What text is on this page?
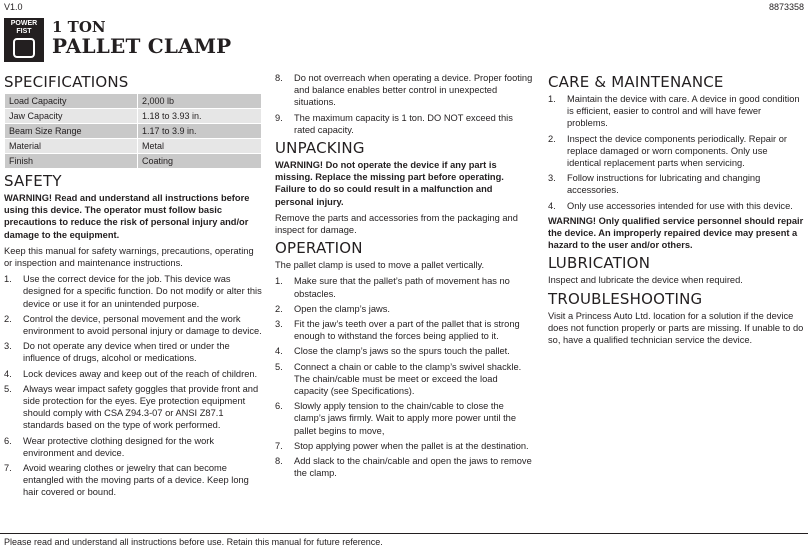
V1.0	8873358
POWER
FIST	1 TON
PALLET CLAMP
SPECIFICATIONS
Load Capacity	2,000 lb
Jaw Capacity	1.18 to 3.93 in.
Beam Size Range	1.17 to 3.9 in.
Material	Metal
Finish	Coating
SAFETY

WARNING! Read and understand all instructions before using this device. The operator must follow basic precautions to reduce the risk of personal injury and/or damage to the equipment.

Keep this manual for safety warnings, precautions, operating or inspection and maintenance instructions.

1. Use the correct device for the job. This device was designed for a specific function. Do not modify or alter this device or use it for an unintended purpose.
2. Control the device, personal movement and the work environment to avoid personal injury or damage to device.
3. Do not operate any device when tired or under the influence of drugs, alcohol or medications.
4. Lock devices away and keep out of the reach of children.
5. Always wear impact safety goggles that provide front and side protection for the eyes. Eye protection equipment should comply with CSA Z94.3-07 or ANSI Z87.1 standards based on the type of work performed.
6. Wear protective clothing designed for the work environment and device.
7. Avoid wearing clothes or jewelry that can become entangled with the moving parts of a device. Keep long hair covered or bound.
8. Do not overreach when operating a device. Proper footing and balance enables better control in unexpected situations.
9. The maximum capacity is 1 ton. DO NOT exceed this rated capacity.
UNPACKING

WARNING! Do not operate the device if any part is missing. Replace the missing part before operating. Failure to do so could result in a malfunction and personal injury.

Remove the parts and accessories from the packaging and inspect for damage.

OPERATION

The pallet clamp is used to move a pallet vertically.

1. Make sure that the pallet’s path of movement has no obstacles.
2. Open the clamp’s jaws.
3. Fit the jaw’s teeth over a part of the pallet that is strong enough to withstand the forces being applied to it.
4. Close the clamp’s jaws so the spurs touch the pallet.
5. Connect a chain or cable to the clamp’s swivel shackle. The chain/cable must be meet or exceed the load capacity (see Specifications).
6. Slowly apply tension to the chain/cable to close the clamp’s jaws firmly. Wait to apply more power until the pallet begins to move,
7. Stop applying power when the pallet is at the destination.
8. Add slack to the chain/cable and open the jaws to remove the clamp.
CARE & MAINTENANCE
1. Maintain the device with care. A device in good condition is efficient, easier to control and will have fewer problems.
2. Inspect the device components periodically. Repair or replace damaged or worn components. Only use identical replacement parts when servicing.
3. Follow instructions for lubricating and changing accessories.
4. Only use accessories intended for use with this device.

WARNING! Only qualified service personnel should repair the device. An improperly repaired device may present a hazard to the user and/or others.

LUBRICATION

Inspect and lubricate the device when required.

TROUBLESHOOTING

Visit a Princess Auto Ltd. location for a solution if the device does not function properly or parts are missing. If unable to do so, have a qualified technician service the device.

Please read and understand all instructions before use. Retain this manual for future reference.
